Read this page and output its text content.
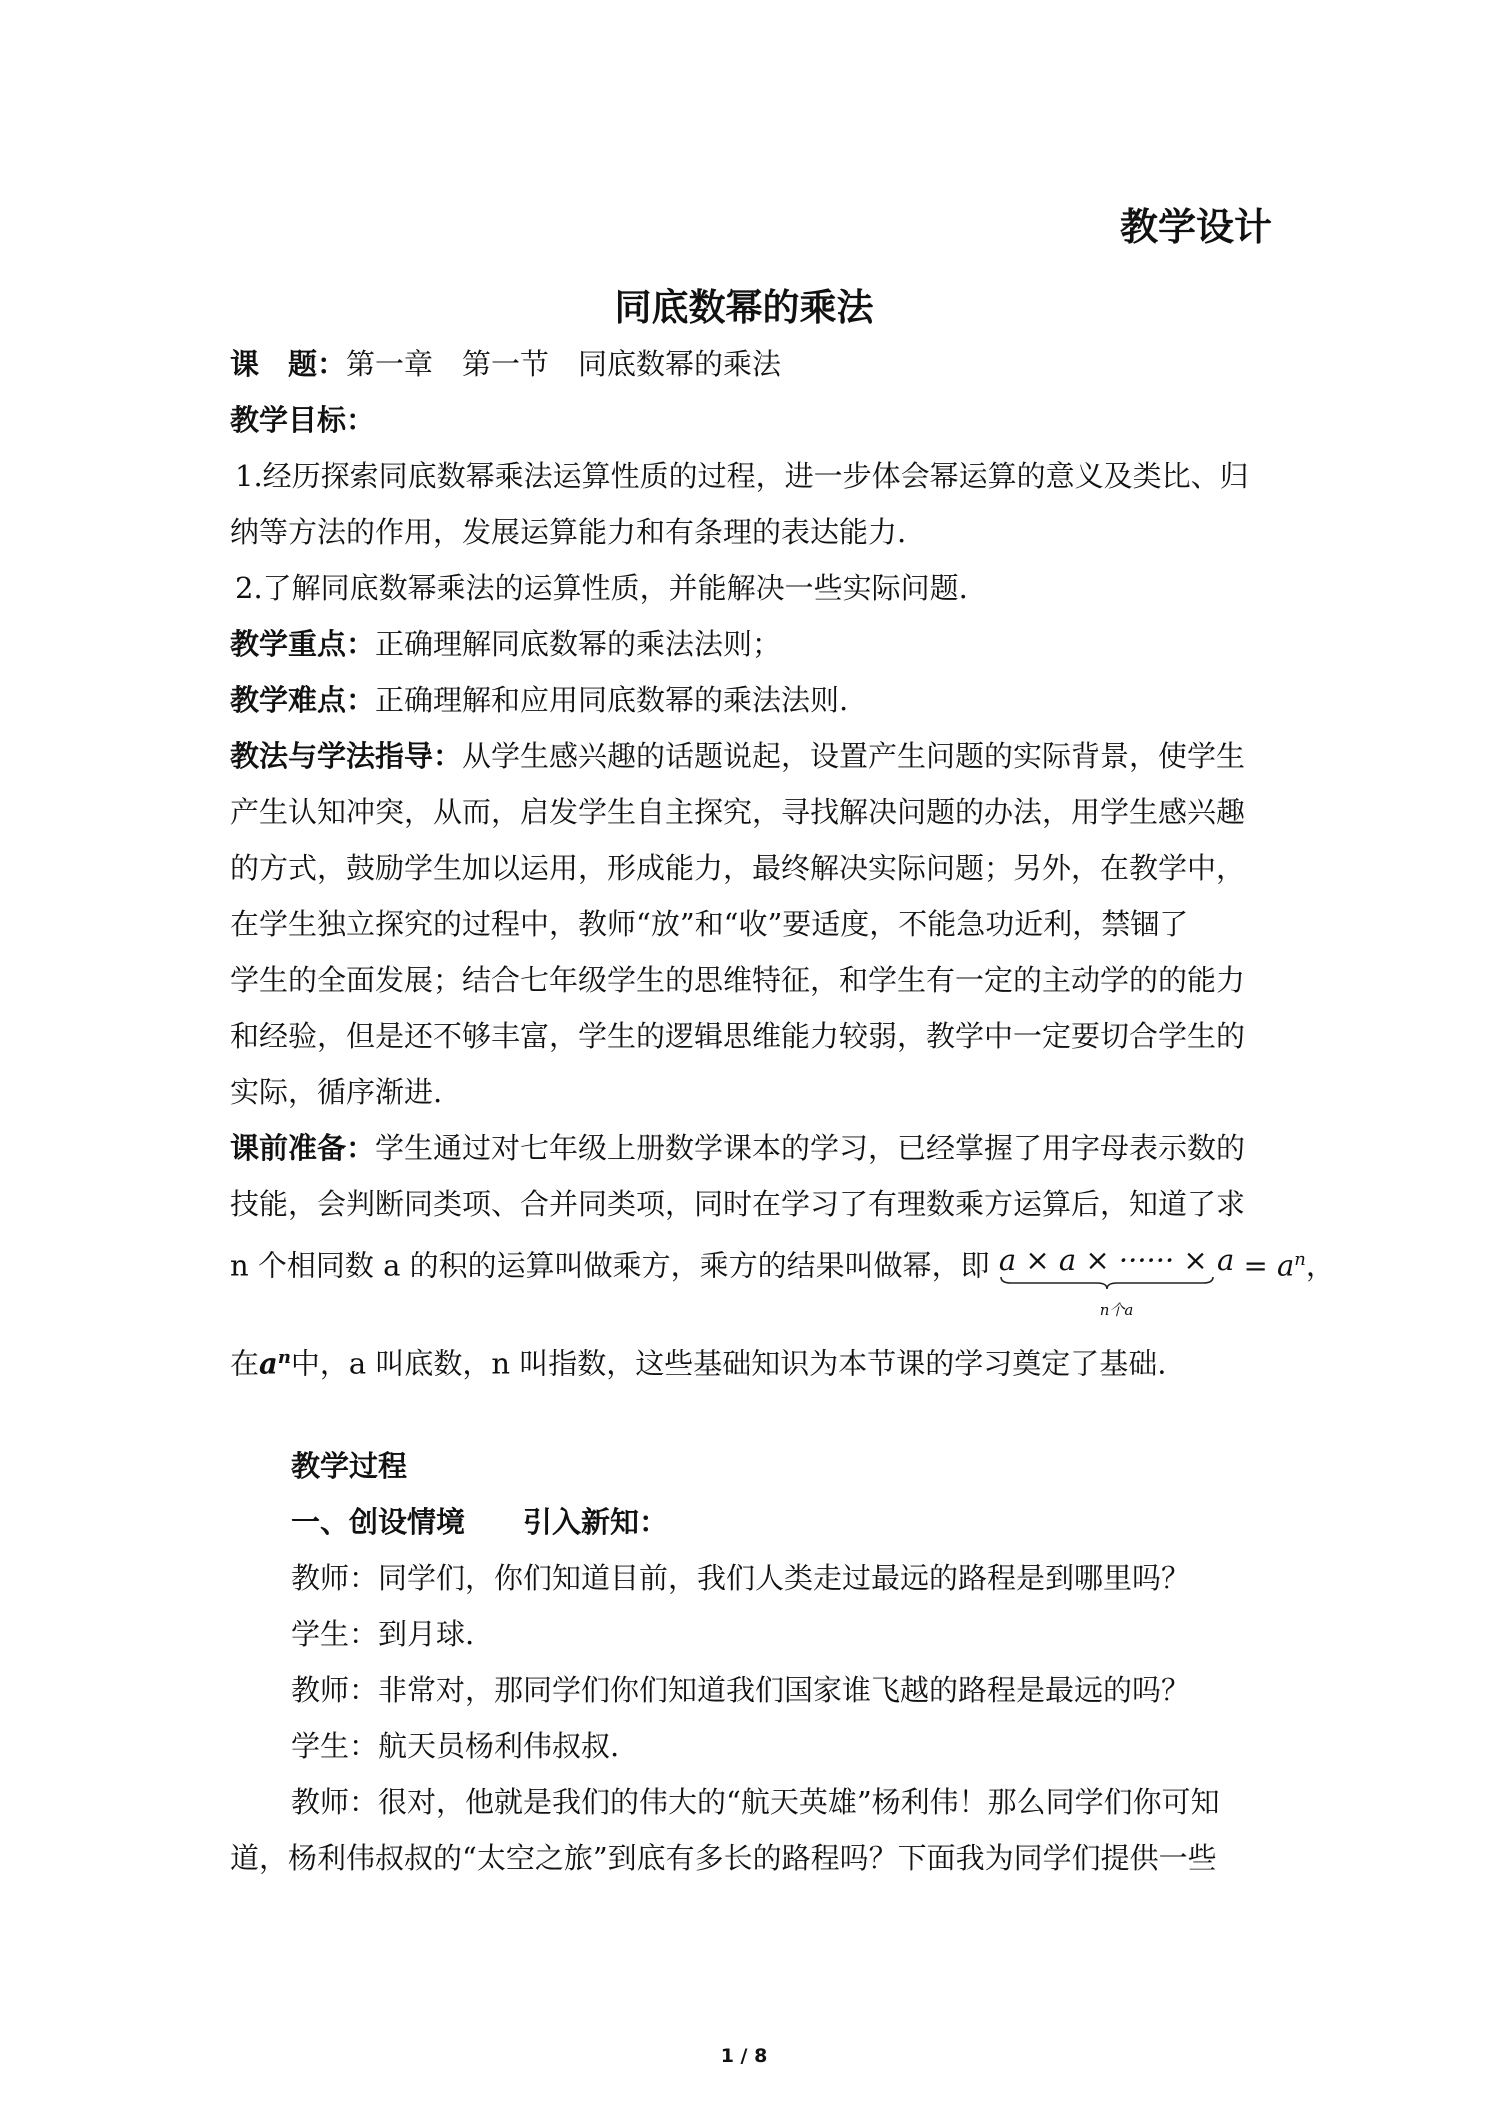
教学设计
同底数幂的乘法
课　题：第一章　第一节　同底数幂的乘法
教学目标：
1.经历探索同底数幂乘法运算性质的过程，进一步体会幂运算的意义及类比、归
纳等方法的作用，发展运算能力和有条理的表达能力.
2.了解同底数幂乘法的运算性质，并能解决一些实际问题.
教学重点：正确理解同底数幂的乘法法则；
教学难点：正确理解和应用同底数幂的乘法法则.
教法与学法指导：从学生感兴趣的话题说起，设置产生问题的实际背景，使学生
产生认知冲突，从而，启发学生自主探究，寻找解决问题的办法，用学生感兴趣
的方式，鼓励学生加以运用，形成能力，最终解决实际问题；另外，在教学中，
在学生独立探究的过程中，教师“放”和“收”要适度，不能急功近利，禁锢了
学生的全面发展；结合七年级学生的思维特征，和学生有一定的主动学的的能力
和经验，但是还不够丰富，学生的逻辑思维能力较弱，教学中一定要切合学生的
实际，循序渐进.
课前准备：学生通过对七年级上册数学课本的学习，已经掌握了用字母表示数的
技能，会判断同类项、合并同类项，同时在学习了有理数乘方运算后，知道了求
n 个相同数 a 的积的运算叫做乘方，乘方的结果叫做幂，即 a × a × ······ × a
n个a
= $a^n$，
在$a^n$中，a 叫底数，n 叫指数，这些基础知识为本节课的学习奠定了基础.
教学过程
一、创设情境　　引入新知：
教师：同学们，你们知道目前，我们人类走过最远的路程是到哪里吗？
学生：到月球.
教师：非常对，那同学们你们知道我们国家谁飞越的路程是最远的吗？
学生：航天员杨利伟叔叔.
教师：很对，他就是我们的伟大的“航天英雄”杨利伟！那么同学们你可知
道，杨利伟叔叔的“太空之旅”到底有多长的路程吗？下面我为同学们提供一些
1 / 8
